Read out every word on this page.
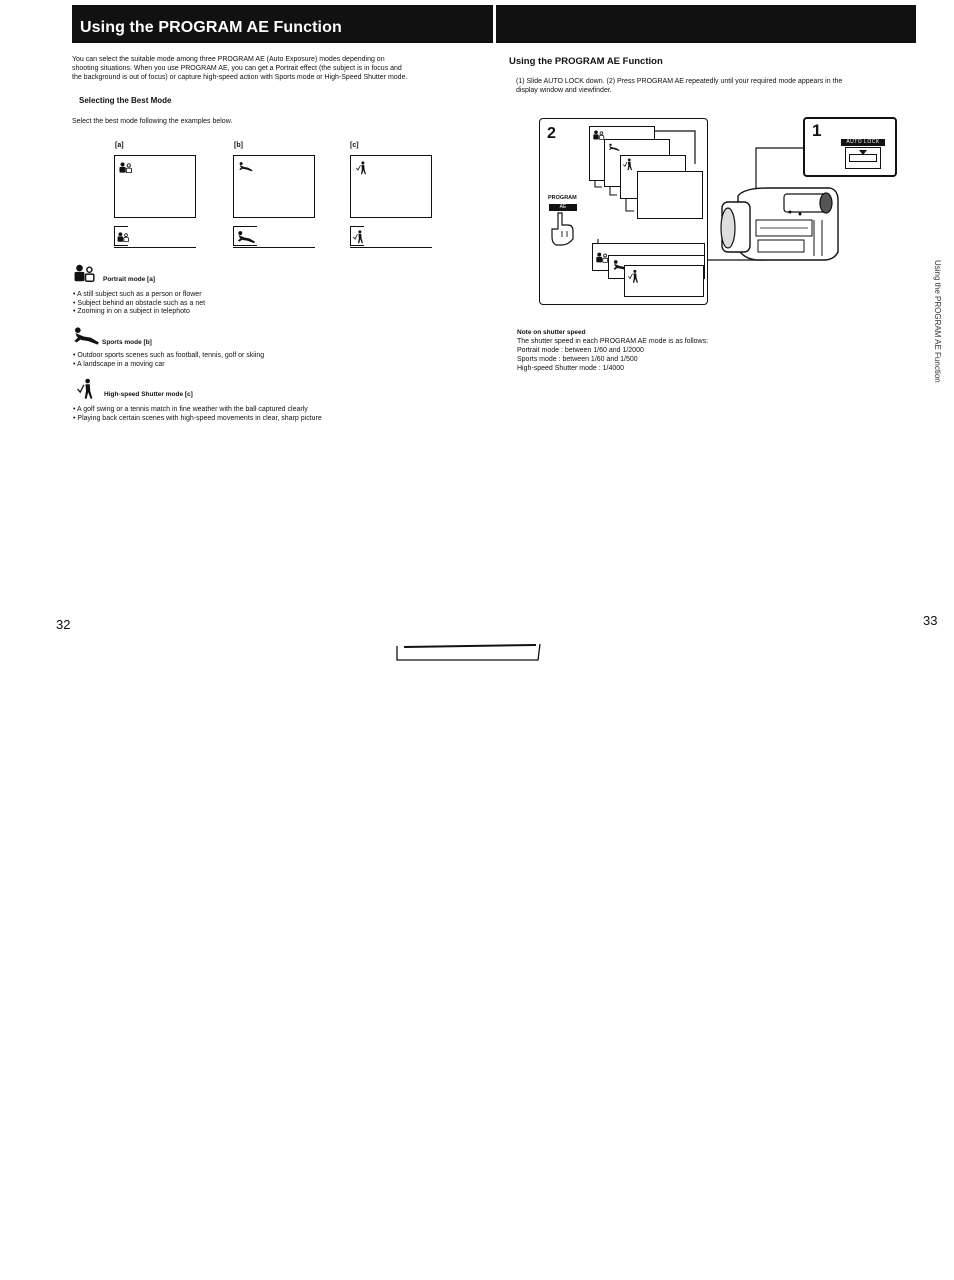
Using the PROGRAM AE Function
You can select the suitable mode among three PROGRAM AE (Auto Exposure) modes depending on
shooting situations. When you use PROGRAM AE, you can get a Portrait effect (the subject is in focus and
the background is out of focus) or capture high-speed action with Sports mode or High-Speed Shutter mode.
Selecting the Best Mode
Select the best mode following the examples below.
[a]	[b]	[c]
Portrait mode [a]
• A still subject such as a person or flower
• Subject behind an obstacle such as a net
• Zooming in on a subject in telephoto
Sports mode [b]
• Outdoor sports scenes such as football, tennis, golf or skiing
• A landscape in a moving car
High-speed Shutter mode [c]
• A golf swing or a tennis match in fine weather with the ball captured clearly
• Playing back certain scenes with high-speed movements in clear, sharp picture
32
Using the PROGRAM AE Function
(1) Slide AUTO LOCK down. (2) Press PROGRAM AE repeatedly until your required mode appears in the
display window and viewfinder.
2
PROGRAM
AE
1
AUTO LOCK
Note on shutter speed
The shutter speed in each PROGRAM AE mode is as follows:
Portrait mode : between 1/60 and 1/2000
Sports mode : between 1/60 and 1/500
High-speed Shutter mode : 1/4000
33
Using the PROGRAM AE Function
